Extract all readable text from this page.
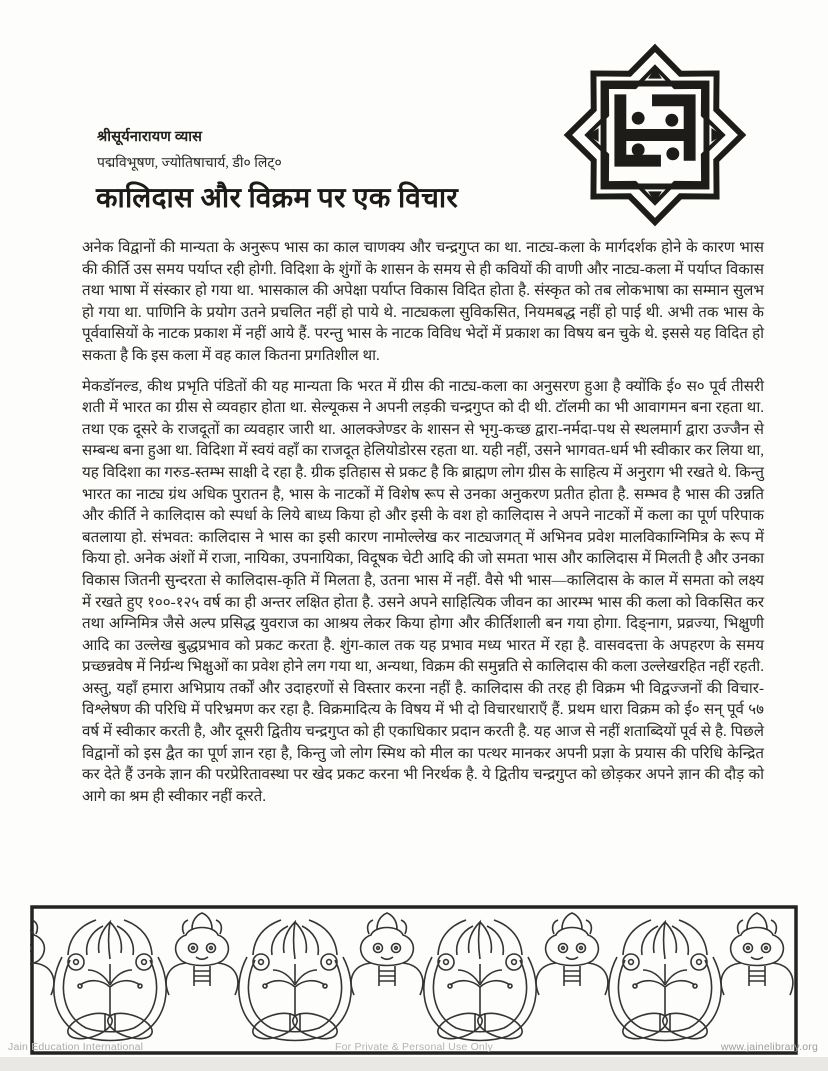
श्रीसूर्यनारायण व्यास
पद्मविभूषण, ज्योतिषाचार्य, डी० लिट्०
कालिदास और विक्रम पर एक विचार

अनेक विद्वानों की मान्यता के अनुरूप भास का काल चाणक्य और चन्द्रगुप्त का था. नाट्य-कला के मार्गदर्शक होने के कारण भास की कीर्ति उस समय पर्याप्त रही होगी. विदिशा के शुंगों के शासन के समय से ही कवियों की वाणी और नाट्य-कला में पर्याप्त विकास तथा भाषा में संस्कार हो गया था. भासकाल की अपेक्षा पर्याप्त विकास विदित होता है. संस्कृत को तब लोकभाषा का सम्मान सुलभ हो गया था. पाणिनि के प्रयोग उतने प्रचलित नहीं हो पाये थे. नाट्यकला सुविकसित, नियमबद्ध नहीं हो पाई थी. अभी तक भास के पूर्ववासियों के नाटक प्रकाश में नहीं आये हैं. परन्तु भास के नाटक विविध भेदों में प्रकाश का विषय बन चुके थे. इससे यह विदित हो सकता है कि इस कला में वह काल कितना प्रगतिशील था.

मेकडॉनल्ड, कीथ प्रभृति पंडितों की यह मान्यता कि भरत में ग्रीस की नाट्य-कला का अनुसरण हुआ है क्योंकि ई० स० पूर्व तीसरी शती में भारत का ग्रीस से व्यवहार होता था. सेल्यूकस ने अपनी लड़की चन्द्रगुप्त को दी थी. टॉलमी का भी आवागमन बना रहता था. तथा एक दूसरे के राजदूतों का व्यवहार जारी था. आलक्जेण्डर के शासन से भृगु-कच्छ द्वारा-नर्मदा-पथ से स्थलमार्ग द्वारा उज्जैन से सम्बन्ध बना हुआ था. विदिशा में स्वयं वहाँ का राजदूत हेलियोडोरस रहता था. यही नहीं, उसने भागवत-धर्म भी स्वीकार कर लिया था, यह विदिशा का गरुड-स्तम्भ साक्षी दे रहा है. ग्रीक इतिहास से प्रकट है कि ब्राह्मण लोग ग्रीस के साहित्य में अनुराग भी रखते थे. किन्तु भारत का नाट्य ग्रंथ अधिक पुरातन है, भास के नाटकों में विशेष रूप से उनका अनुकरण प्रतीत होता है. सम्भव है भास की उन्नति और कीर्ति ने कालिदास को स्पर्धा के लिये बाध्य किया हो और इसी के वश हो कालिदास ने अपने नाटकों में कला का पूर्ण परिपाक बतलाया हो. संभवत: कालिदास ने भास का इसी कारण नामोल्लेख कर नाट्यजगत् में अभिनव प्रवेश मालविकाग्निमित्र के रूप में किया हो. अनेक अंशों में राजा, नायिका, उपनायिका, विदूषक चेटी आदि की जो समता भास और कालिदास में मिलती है और उनका विकास जितनी सुन्दरता से कालिदास-कृति में मिलता है, उतना भास में नहीं. वैसे भी भास—कालिदास के काल में समता को लक्ष्य में रखते हुए १००-१२५ वर्ष का ही अन्तर लक्षित होता है. उसने अपने साहित्यिक जीवन का आरम्भ भास की कला को विकसित कर तथा अग्निमित्र जैसे अल्प प्रसिद्ध युवराज का आश्रय लेकर किया होगा और कीर्तिशाली बन गया होगा. दिङ्नाग, प्रव्रज्या, भिक्षुणी आदि का उल्लेख बुद्धप्रभाव को प्रकट करता है. शुंग-काल तक यह प्रभाव मध्य भारत में रहा है. वासवदत्ता के अपहरण के समय प्रच्छन्नवेष में निर्ग्रन्थ भिक्षुओं का प्रवेश होने लग गया था, अन्यथा, विक्रम की समुन्नति से कालिदास की कला उल्लेखरहित नहीं रहती. अस्तु, यहाँ हमारा अभिप्राय तर्कों और उदाहरणों से विस्तार करना नहीं है. कालिदास की तरह ही विक्रम भी विद्वज्जनों की विचार-विश्लेषण की परिधि में परिभ्रमण कर रहा है. विक्रमादित्य के विषय में भी दो विचारधाराएँ हैं. प्रथम धारा विक्रम को ई० सन् पूर्व ५७ वर्ष में स्वीकार करती है, और दूसरी द्वितीय चन्द्रगुप्त को ही एकाधिकार प्रदान करती है. यह आज से नहीं शताब्दियों पूर्व से है. पिछले विद्वानों को इस द्वैत का पूर्ण ज्ञान रहा है, किन्तु जो लोग स्मिथ को मील का पत्थर मानकर अपनी प्रज्ञा के प्रयास की परिधि केन्द्रित कर देते हैं उनके ज्ञान की परप्रेरितावस्था पर खेद प्रकट करना भी निरर्थक है. ये द्वितीय चन्द्रगुप्त को छोड़कर अपने ज्ञान की दौड़ को आगे का श्रम ही स्वीकार नहीं करते.

Jain Education International	For Private & Personal Use Only	www.jainelibrary.org
